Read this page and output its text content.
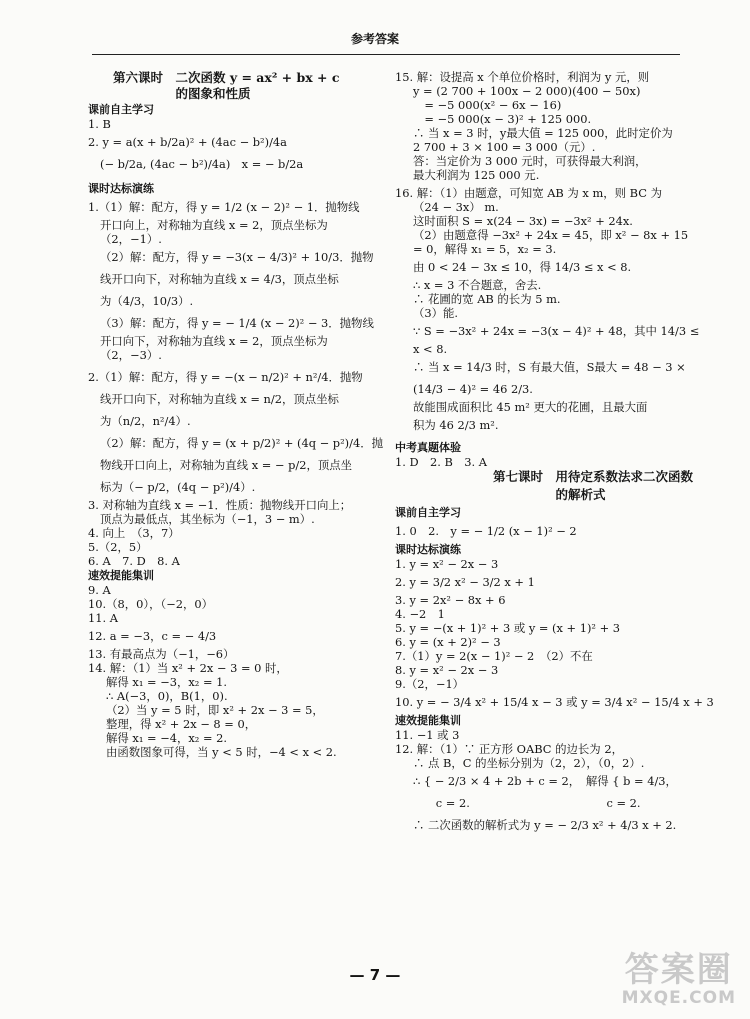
参考答案
第六课时　二次函数 y = ax² + bx + c
　　　　　的图象和性质
课前自主学习
1. B
2. y = a(x + b/2a)² + (4ac − b²)/4a
(− b/2a, (4ac − b²)/4a)　x = − b/2a
课时达标演练
1.（1）解：配方，得 y = 1/2 (x − 2)² − 1．抛物线
开口向上，对称轴为直线 x = 2，顶点坐标为
（2，−1）.
（2）解：配方，得 y = −3(x − 4/3)² + 10/3．抛物
线开口向下，对称轴为直线 x = 4/3，顶点坐标
为（4/3，10/3）.
（3）解：配方，得 y = − 1/4 (x − 2)² − 3．抛物线
开口向下，对称轴为直线 x = 2，顶点坐标为
（2，−3）.
2.（1）解：配方，得 y = −(x − n/2)² + n²/4．抛物
线开口向下，对称轴为直线 x = n/2，顶点坐标
为（n/2，n²/4）.
（2）解：配方，得 y = (x + p/2)² + (4q − p²)/4．抛
物线开口向上，对称轴为直线 x = − p/2，顶点坐
标为（− p/2，(4q − p²)/4）.
3. 对称轴为直线 x = −1．性质：抛物线开口向上；
顶点为最低点，其坐标为（−1，3 − m）.
4. 向上　（3，7）
5.（2，5）
6. A　7. D　8. A
速效提能集训
9. A
10.（8，0），（−2，0）
11. A
12. a = −3，c = − 4/3
13. 有最高点为（−1，−6）
14. 解：（1）当 x² + 2x − 3 = 0 时，
解得 x₁ = −3，x₂ = 1.
∴ A(−3，0)，B(1，0).
（2）当 y = 5 时，即 x² + 2x − 3 = 5，
整理，得 x² + 2x − 8 = 0，
解得 x₁ = −4，x₂ = 2.
由函数图象可得，当 y < 5 时，−4 < x < 2.
15. 解：设提高 x 个单位价格时，利润为 y 元，则
y = (2 700 + 100x − 2 000)(400 − 50x)
　= −5 000(x² − 6x − 16)
　= −5 000(x − 3)² + 125 000.
∴ 当 x = 3 时，y最大值 = 125 000，此时定价为
2 700 + 3 × 100 = 3 000（元）.
答：当定价为 3 000 元时，可获得最大利润，
最大利润为 125 000 元.
16. 解：（1）由题意，可知宽 AB 为 x m，则 BC 为
（24 − 3x） m.
这时面积 S = x(24 − 3x) = −3x² + 24x.
（2）由题意得 −3x² + 24x = 45，即 x² − 8x + 15
= 0，解得 x₁ = 5，x₂ = 3.
由 0 < 24 − 3x ≤ 10，得 14/3 ≤ x < 8.
∴ x = 3 不合题意，舍去.
∴ 花圃的宽 AB 的长为 5 m.
（3）能.
∵ S = −3x² + 24x = −3(x − 4)² + 48，其中 14/3 ≤
x < 8.
∴ 当 x = 14/3 时，S 有最大值，S最大 = 48 − 3 ×
(14/3 − 4)² = 46 2/3.
故能围成面积比 45 m² 更大的花圃，且最大面
积为 46 2/3 m².
中考真题体验
1. D　2. B　3. A
第七课时　用待定系数法求二次函数
　　　　　的解析式
课前自主学习
1. 0　2.　y = − 1/2 (x − 1)² − 2
课时达标演练
1. y = x² − 2x − 3
2. y = 3/2 x² − 3/2 x + 1
3. y = 2x² − 8x + 6
4. −2　1
5. y = −(x + 1)² + 3 或 y = (x + 1)² + 3
6. y = (x + 2)² − 3
7.（1）y = 2(x − 1)² − 2　（2）不在
8. y = x² − 2x − 3
9.（2，−1）
10. y = − 3/4 x² + 15/4 x − 3 或 y = 3/4 x² − 15/4 x + 3
速效提能集训
11. −1 或 3
12. 解：（1）∵ 正方形 OABC 的边长为 2，
∴ 点 B，C 的坐标分别为（2，2），（0，2）.
∴ { − 2/3 × 4 + 2b + c = 2，　解得 { b = 4/3，
　　c = 2.　　　　　　　　　　　　c = 2.
∴ 二次函数的解析式为 y = − 2/3 x² + 4/3 x + 2.
— 7 —	答案圈
MXQE.COM
